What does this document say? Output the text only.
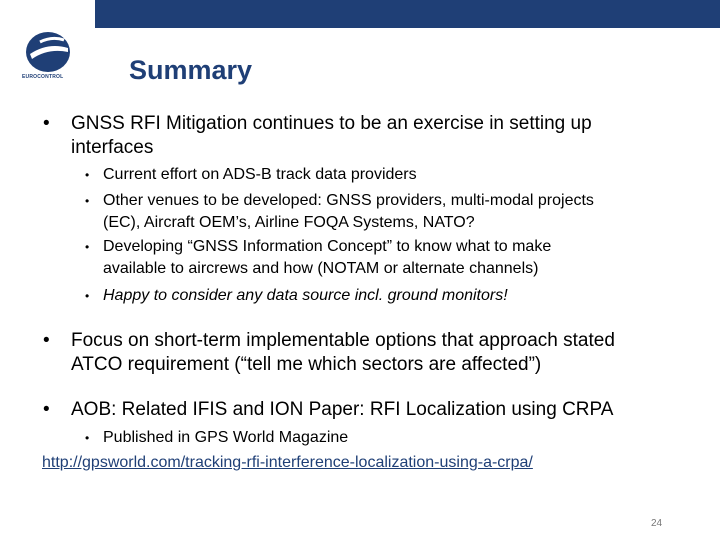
EUROCONTROL Summary
• GNSS RFI Mitigation continues to be an exercise in setting up
interfaces
• Current effort on ADS-B track data providers
• Other venues to be developed: GNSS providers, multi-modal projects
(EC), Aircraft OEM’s, Airline FOQA Systems, NATO?
• Developing “GNSS Information Concept” to know what to make
available to aircrews and how (NOTAM or alternate channels)
• Happy to consider any data source incl. ground monitors!
• Focus on short-term implementable options that approach stated
ATCO requirement (“tell me which sectors are affected”)
• AOB: Related IFIS and ION Paper: RFI Localization using CRPA
• Published in GPS World Magazine
http://gpsworld.com/tracking-rfi-interference-localization-using-a-crpa/
24
